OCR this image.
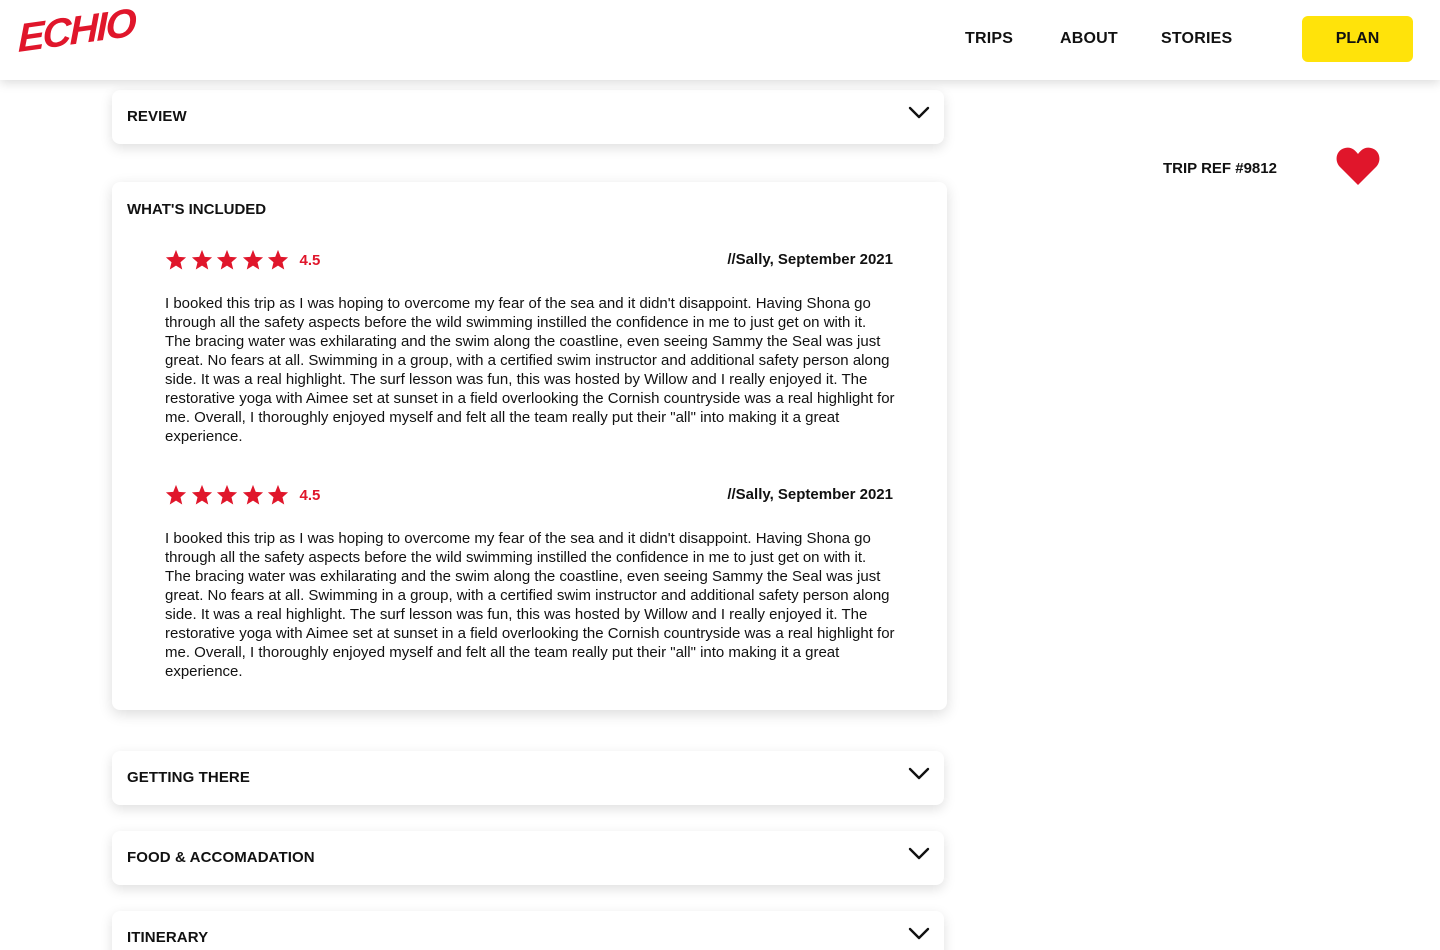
ECHIO	TRIPS	ABOUT	STORIES	PLAN
TRIP REF #9812
REVIEW
WHAT'S INCLUDED
4.5	//Sally, September 2021
I booked this trip as I was hoping to overcome my fear of the sea and it didn't disappoint. Having Shona go through all the safety aspects before the wild swimming instilled the confidence in me to just get on with it. The bracing water was exhilarating and the swim along the coastline, even seeing Sammy the Seal was just great. No fears at all. Swimming in a group, with a certified swim instructor and additional safety person along side. It was a real highlight. The surf lesson was fun, this was hosted by Willow and I really enjoyed it. The restorative yoga with Aimee set at sunset in a field overlooking the Cornish countryside was a real highlight for me. Overall, I thoroughly enjoyed myself and felt all the team really put their "all" into making it a great experience.
4.5	//Sally, September 2021
I booked this trip as I was hoping to overcome my fear of the sea and it didn't disappoint. Having Shona go through all the safety aspects before the wild swimming instilled the confidence in me to just get on with it. The bracing water was exhilarating and the swim along the coastline, even seeing Sammy the Seal was just great. No fears at all. Swimming in a group, with a certified swim instructor and additional safety person along side. It was a real highlight. The surf lesson was fun, this was hosted by Willow and I really enjoyed it. The restorative yoga with Aimee set at sunset in a field overlooking the Cornish countryside was a real highlight for me. Overall, I thoroughly enjoyed myself and felt all the team really put their "all" into making it a great experience.
GETTING THERE
FOOD & ACCOMADATION
ITINERARY
